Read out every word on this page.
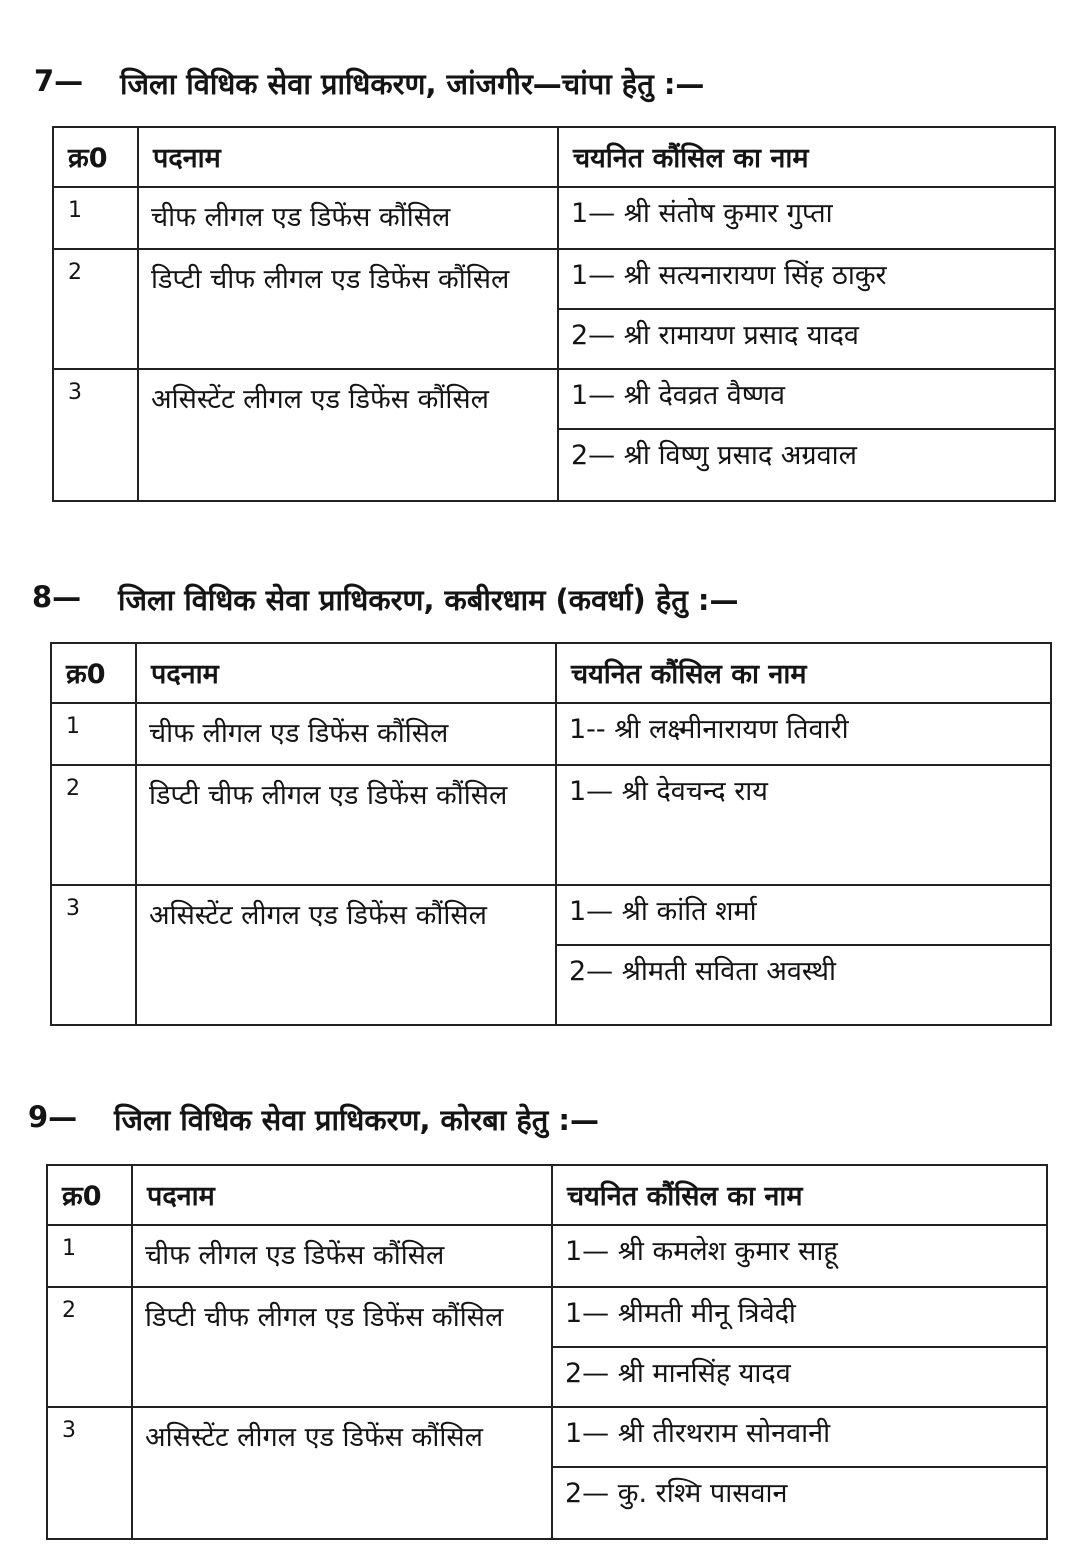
7— जिला विधिक सेवा प्राधिकरण, जांजगीर—चांपा हेतु :—
क्र0	पदनाम	चयनित कौंसिल का नाम

1	चीफ लीगल एड डिफेंस कौंसिल	1— श्री संतोष कुमार गुप्ता

2	डिप्टी चीफ लीगल एड डिफेंस कौंसिल	1— श्री सत्यनारायण सिंह ठाकुर
2— श्री रामायण प्रसाद यादव

3	असिस्टेंट लीगल एड डिफेंस कौंसिल	1— श्री देवव्रत वैष्णव
2— श्री विष्णु प्रसाद अग्रवाल
8— जिला विधिक सेवा प्राधिकरण, कबीरधाम (कवर्धा) हेतु :—
क्र0	पदनाम	चयनित कौंसिल का नाम

1	चीफ लीगल एड डिफेंस कौंसिल	1-- श्री लक्ष्मीनारायण तिवारी

2	डिप्टी चीफ लीगल एड डिफेंस कौंसिल	1— श्री देवचन्द राय

3	असिस्टेंट लीगल एड डिफेंस कौंसिल	1— श्री कांति शर्मा
2— श्रीमती सविता अवस्थी
9— जिला विधिक सेवा प्राधिकरण, कोरबा हेतु :—
क्र0	पदनाम	चयनित कौंसिल का नाम

1	चीफ लीगल एड डिफेंस कौंसिल	1— श्री कमलेश कुमार साहू

2	डिप्टी चीफ लीगल एड डिफेंस कौंसिल	1— श्रीमती मीनू त्रिवेदी
2— श्री मानसिंह यादव

3	असिस्टेंट लीगल एड डिफेंस कौंसिल	1— श्री तीरथराम सोनवानी
2— कु. रश्मि पासवान
